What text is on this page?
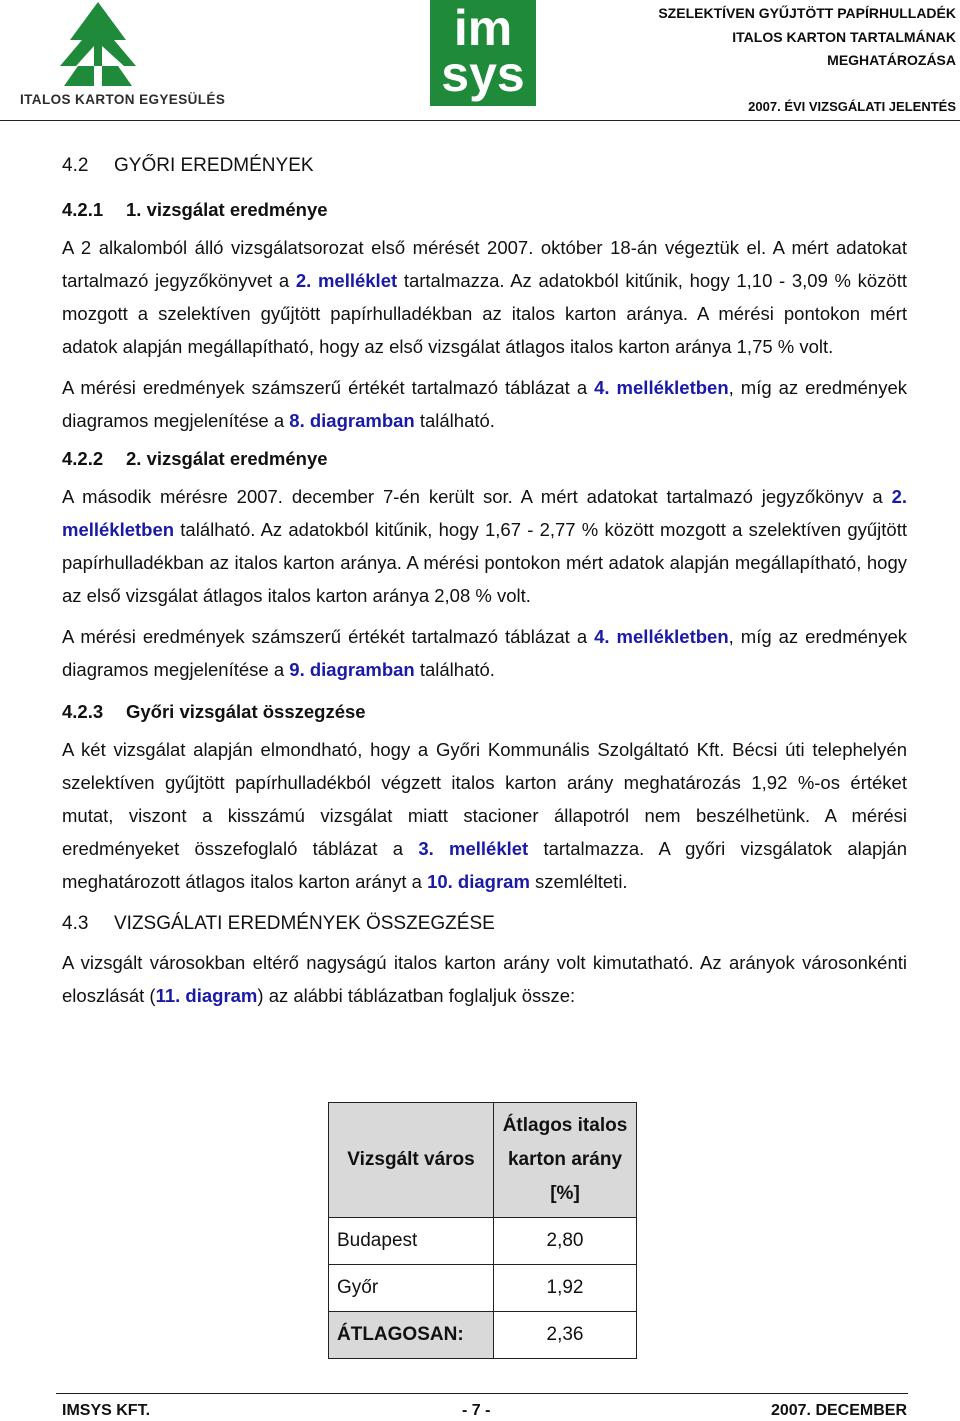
ITALOS KARTON EGYESÜLÉS
im
sys
SZELEKTÍVEN GYŰJTÖTT PAPÍRHULLADÉK
ITALOS KARTON TARTALMÁNAK
MEGHATÁROZÁSA
2007. ÉVI VIZSGÁLATI JELENTÉS
4.2 GYŐRI EREDMÉNYEK
4.2.1 1. vizsgálat eredménye

A 2 alkalomból álló vizsgálatsorozat első mérését 2007. október 18-án végeztük el. A mért adatokat tartalmazó jegyzőkönyvet a 2. melléklet tartalmazza. Az adatokból kitűnik, hogy 1,10 - 3,09 % között mozgott a szelektíven gyűjtött papírhulladékban az italos karton aránya. A mérési pontokon mért adatok alapján megállapítható, hogy az első vizsgálat átlagos italos karton aránya 1,75 % volt.

A mérési eredmények számszerű értékét tartalmazó táblázat a 4. mellékletben, míg az eredmények diagramos megjelenítése a 8. diagramban található.

4.2.2 2. vizsgálat eredménye

A második mérésre 2007. december 7-én került sor. A mért adatokat tartalmazó jegyzőkönyv a 2. mellékletben található. Az adatokból kitűnik, hogy 1,67 - 2,77 % között mozgott a szelektíven gyűjtött papírhulladékban az italos karton aránya. A mérési pontokon mért adatok alapján megállapítható, hogy az első vizsgálat átlagos italos karton aránya 2,08 % volt.

A mérési eredmények számszerű értékét tartalmazó táblázat a 4. mellékletben, míg az eredmények diagramos megjelenítése a 9. diagramban található.

4.2.3 Győri vizsgálat összegzése

A két vizsgálat alapján elmondható, hogy a Győri Kommunális Szolgáltató Kft. Bécsi úti telephelyén szelektíven gyűjtött papírhulladékból végzett italos karton arány meghatározás 1,92 %-os értéket mutat, viszont a kisszámú vizsgálat miatt stacioner állapotról nem beszélhetünk. A mérési eredményeket összefoglaló táblázat a 3. melléklet tartalmazza. A győri vizsgálatok alapján meghatározott átlagos italos karton arányt a 10. diagram szemlélteti.

4.3 VIZSGÁLATI EREDMÉNYEK ÖSSZEGZÉSE

A vizsgált városokban eltérő nagyságú italos karton arány volt kimutatható. Az arányok városonkénti eloszlását (11. diagram) az alábbi táblázatban foglaljuk össze:

Vizsgált város	Átlagos italos
karton arány
[%]

Budapest	2,80
Győr	1,92
ÁTLAGOSAN:	2,36
IMSYS KFT.	- 7 -	2007. DECEMBER
